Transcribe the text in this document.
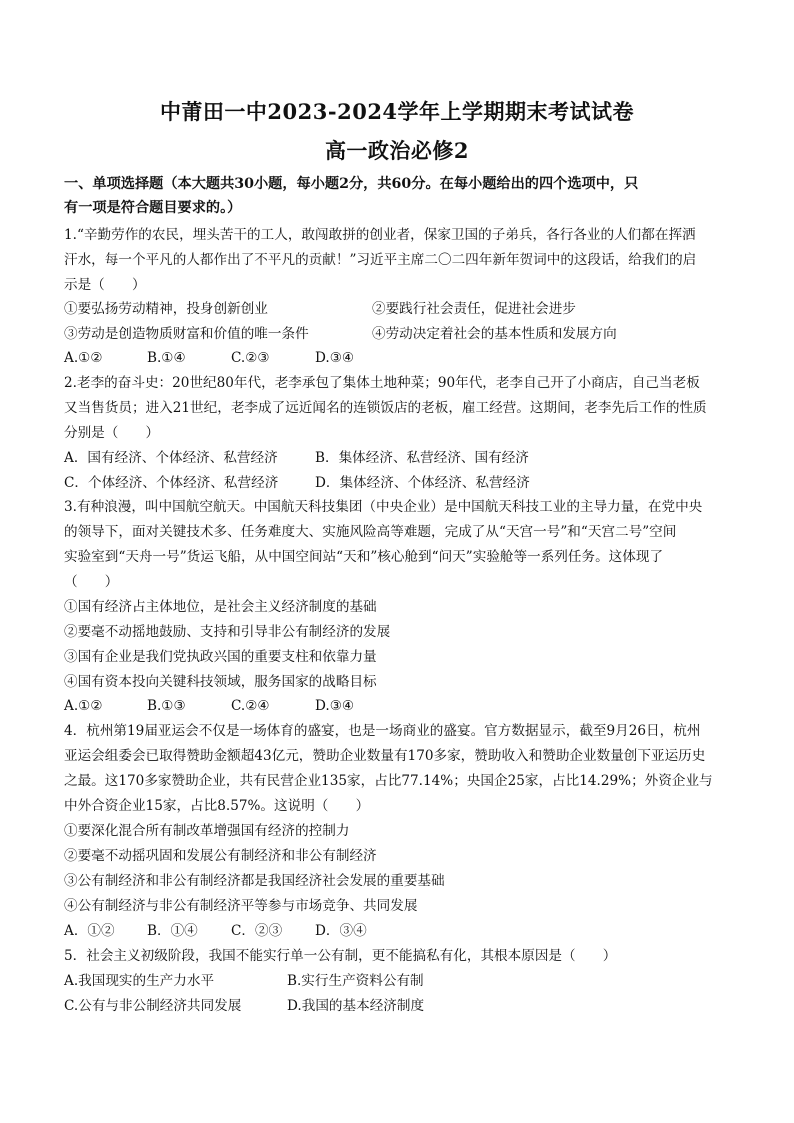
中莆田一中2023-2024学年上学期期末考试试卷
高一政治必修2
一、单项选择题（本大题共30小题，每小题2分，共60分。在每小题给出的四个选项中，只
有一项是符合题目要求的。）
1.“辛勤劳作的农民，埋头苦干的工人，敢闯敢拼的创业者，保家卫国的子弟兵，各行各业的人们都在挥洒
汗水，每一个平凡的人都作出了不平凡的贡献！”习近平主席二〇二四年新年贺词中的这段话，给我们的启
示是（　　）
①要弘扬劳动精神，投身创新创业	②要践行社会责任，促进社会进步
③劳动是创造物质财富和价值的唯一条件	④劳动决定着社会的基本性质和发展方向
A.①②	B.①④	C.②③	D.③④
2.老李的奋斗史：20世纪80年代，老李承包了集体土地种菜；90年代，老李自己开了小商店，自己当老板
又当售货员；进入21世纪，老李成了远近闻名的连锁饭店的老板，雇工经营。这期间，老李先后工作的性质
分别是（　　）
A．国有经济、个体经济、私营经济	B．集体经济、私营经济、国有经济
C．个体经济、个体经济、私营经济	D．集体经济、个体经济、私营经济
3.有种浪漫，叫中国航空航天。中国航天科技集团（中央企业）是中国航天科技工业的主导力量，在党中央
的领导下，面对关键技术多、任务难度大、实施风险高等难题，完成了从“天宫一号”和“天宫二号”空间
实验室到“天舟一号”货运飞船，从中国空间站“天和”核心舱到“问天”实验舱等一系列任务。这体现了
（　　）
①国有经济占主体地位，是社会主义经济制度的基础
②要毫不动摇地鼓励、支持和引导非公有制经济的发展
③国有企业是我们党执政兴国的重要支柱和依靠力量
④国有资本投向关键科技领域，服务国家的战略目标
A.①②	B.①③	C.②④	D.③④
4．杭州第19届亚运会不仅是一场体育的盛宴，也是一场商业的盛宴。官方数据显示，截至9月26日，杭州
亚运会组委会已取得赞助金额超43亿元，赞助企业数量有170多家，赞助收入和赞助企业数量创下亚运历史
之最。这170多家赞助企业，共有民营企业135家，占比77.14%；央国企25家，占比14.29%；外资企业与
中外合资企业15家，占比8.57%。这说明（　　）
①要深化混合所有制改革增强国有经济的控制力
②要毫不动摇巩固和发展公有制经济和非公有制经济
③公有制经济和非公有制经济都是我国经济社会发展的重要基础
④公有制经济与非公有制经济平等参与市场竞争、共同发展
A．①② B．①④ C．②③ D．③④
5．社会主义初级阶段，我国不能实行单一公有制，更不能搞私有化，其根本原因是（　　）
A.我国现实的生产力水平	B.实行生产资料公有制
C.公有与非公制经济共同发展	D.我国的基本经济制度
